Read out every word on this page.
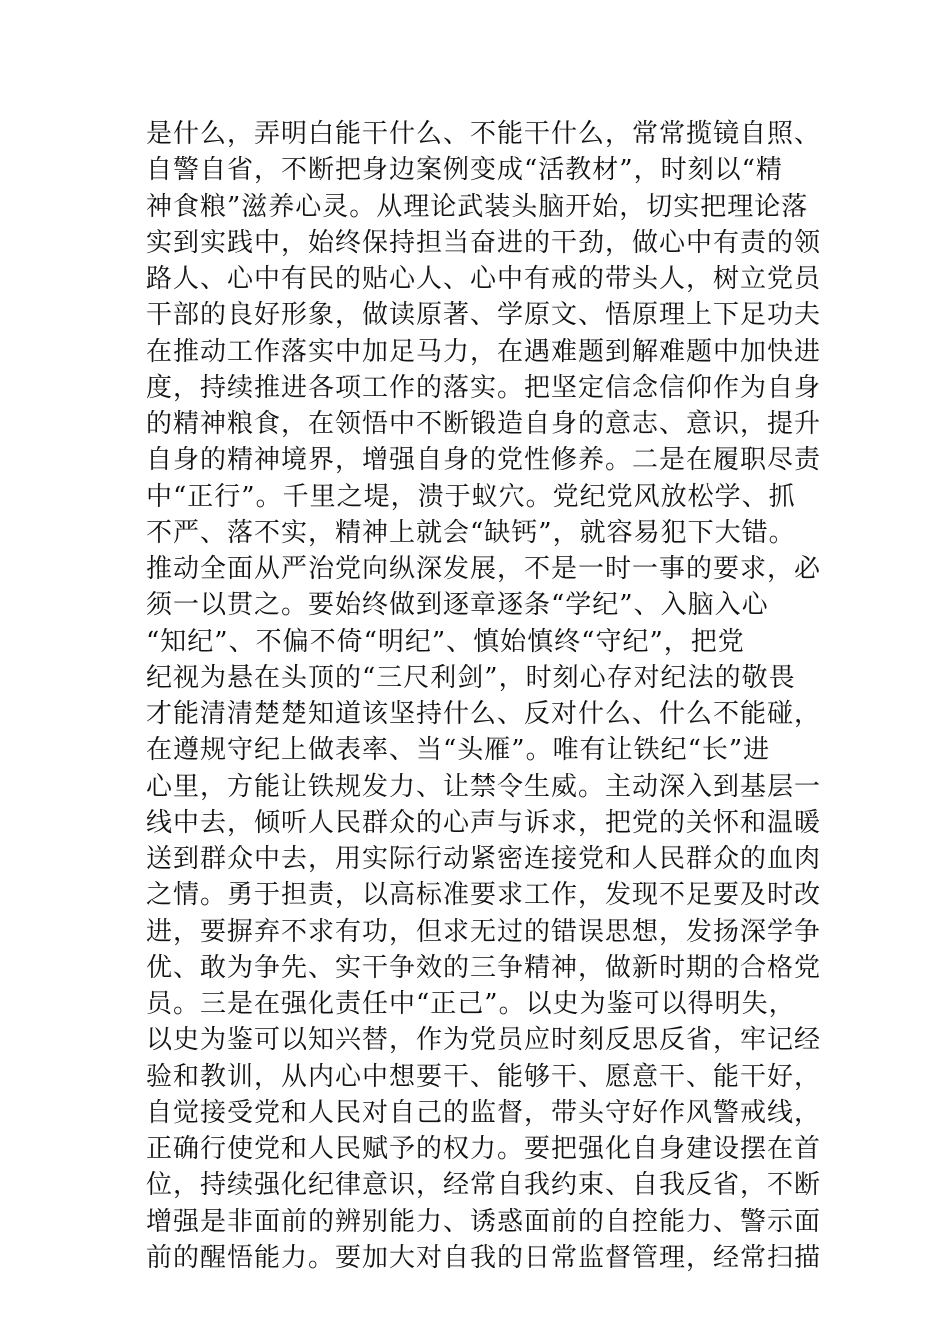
是什么，弄明白能干什么、不能干什么，常常揽镜自照、
自警自省，不断把身边案例变成“活教材”，时刻以“精
神食粮”滋养心灵。从理论武装头脑开始，切实把理论落
实到实践中，始终保持担当奋进的干劲，做心中有责的领
路人、心中有民的贴心人、心中有戒的带头人，树立党员
干部的良好形象，做读原著、学原文、悟原理上下足功夫
在推动工作落实中加足马力，在遇难题到解难题中加快进
度，持续推进各项工作的落实。把坚定信念信仰作为自身
的精神粮食，在领悟中不断锻造自身的意志、意识，提升
自身的精神境界，增强自身的党性修养。二是在履职尽责
中“正行”。千里之堤，溃于蚁穴。党纪党风放松学、抓
不严、落不实，精神上就会“缺钙”，就容易犯下大错。
推动全面从严治党向纵深发展，不是一时一事的要求，必
须一以贯之。要始终做到逐章逐条“学纪”、入脑入心
“知纪”、不偏不倚“明纪”、慎始慎终“守纪”，把党
纪视为悬在头顶的“三尺利剑”，时刻心存对纪法的敬畏
才能清清楚楚知道该坚持什么、反对什么、什么不能碰，
在遵规守纪上做表率、当“头雁”。唯有让铁纪“长”进
心里，方能让铁规发力、让禁令生威。主动深入到基层一
线中去，倾听人民群众的心声与诉求，把党的关怀和温暖
送到群众中去，用实际行动紧密连接党和人民群众的血肉
之情。勇于担责，以高标准要求工作，发现不足要及时改
进，要摒弃不求有功，但求无过的错误思想，发扬深学争
优、敢为争先、实干争效的三争精神，做新时期的合格党
员。三是在强化责任中“正己”。以史为鉴可以得明失，
以史为鉴可以知兴替，作为党员应时刻反思反省，牢记经
验和教训，从内心中想要干、能够干、愿意干、能干好，
自觉接受党和人民对自己的监督，带头守好作风警戒线，
正确行使党和人民赋予的权力。要把强化自身建设摆在首
位，持续强化纪律意识，经常自我约束、自我反省，不断
增强是非面前的辨别能力、诱惑面前的自控能力、警示面
前的醒悟能力。要加大对自我的日常监督管理，经常扫描
